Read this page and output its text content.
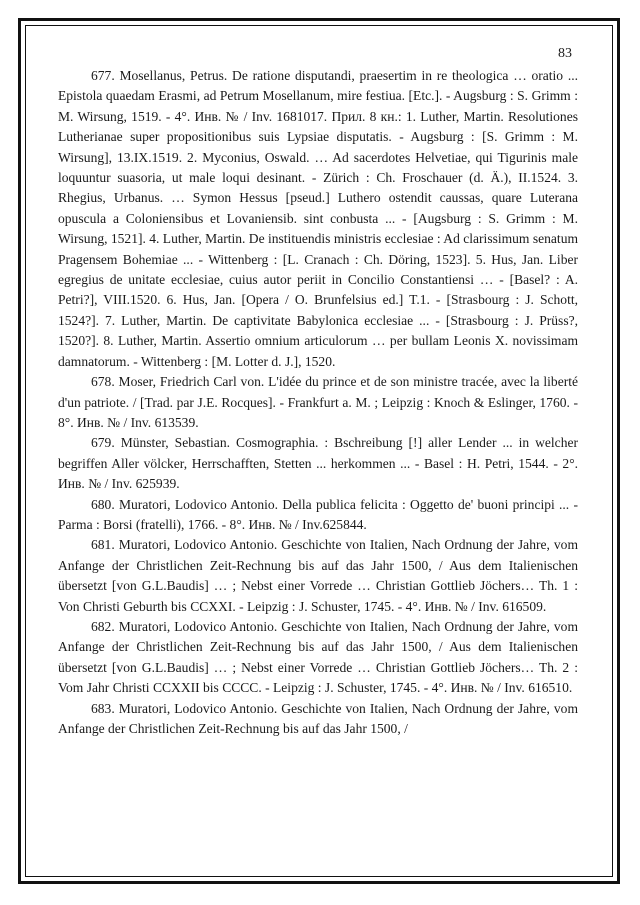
83

677. Mosellanus, Petrus. De ratione disputandi, praesertim in re theologica … oratio ... Epistola quaedam Erasmi, ad Petrum Mosellanum, mire festiua. [Etc.]. - Augsburg : S. Grimm : M. Wirsung, 1519. - 4°. Инв. № / Inv. 1681017. Прил. 8 кн.: 1. Luther, Martin. Resolutiones Lutherianae super propositionibus suis Lypsiae disputatis. - Augsburg : [S. Grimm : M. Wirsung], 13.IX.1519. 2. Myconius, Oswald. … Ad sacerdotes Helvetiae, qui Tigurinis male loquuntur suasoria, ut male loqui desinant. - Zürich : Ch. Froschauer (d. Ä.), II.1524. 3. Rhegius, Urbanus. … Symon Hessus [pseud.] Luthero ostendit caussas, quare Luterana opuscula a Coloniensibus et Lovaniensib. sint conbusta ... - [Augsburg : S. Grimm : M. Wirsung, 1521]. 4. Luther, Martin. De instituendis ministris ecclesiae : Ad clarissimum senatum Pragensem Bohemiae ... - Wittenberg : [L. Cranach : Ch. Döring, 1523]. 5. Hus, Jan. Liber egregius de unitate ecclesiae, cuius autor periit in Concilio Constantiensi … - [Basel? : A. Petri?], VIII.1520. 6. Hus, Jan. [Opera / O. Brunfelsius ed.] T.1. - [Strasbourg : J. Schott, 1524?]. 7. Luther, Martin. De captivitate Babylonica ecclesiae ... - [Strasbourg : J. Prüss?, 1520?]. 8. Luther, Martin. Assertio omnium articulorum … per bullam Leonis X. novissimam damnatorum. - Wittenberg : [M. Lotter d. J.], 1520.

678. Moser, Friedrich Carl von. L'idée du prince et de son ministre tracée, avec la liberté d'un patriote. / [Trad. par J.E. Rocques]. - Frankfurt a. M. ; Leipzig : Knoch & Eslinger, 1760. - 8°. Инв. № / Inv. 613539.

679. Münster, Sebastian. Cosmographia. : Bschreibung [!] aller Lender ... in welcher begriffen Aller völcker, Herrschafften, Stetten ... herkommen ... - Basel : H. Petri, 1544. - 2°. Инв. № / Inv. 625939.

680. Muratori, Lodovico Antonio. Della publica felicita : Oggetto de' buoni principi ... - Parma : Borsi (fratelli), 1766. - 8°. Инв. № / Inv.625844.

681. Muratori, Lodovico Antonio. Geschichte von Italien, Nach Ordnung der Jahre, vom Anfange der Christlichen Zeit-Rechnung bis auf das Jahr 1500, / Aus dem Italienischen übersetzt [von G.L.Baudis] … ; Nebst einer Vorrede … Christian Gottlieb Jöchers… Th. 1 : Von Christi Geburth bis CCXXI. - Leipzig : J. Schuster, 1745. - 4°. Инв. № / Inv. 616509.

682. Muratori, Lodovico Antonio. Geschichte von Italien, Nach Ordnung der Jahre, vom Anfange der Christlichen Zeit-Rechnung bis auf das Jahr 1500, / Aus dem Italienischen übersetzt [von G.L.Baudis] … ; Nebst einer Vorrede … Christian Gottlieb Jöchers… Th. 2 : Vom Jahr Christi CCXXII bis CCCC. - Leipzig : J. Schuster, 1745. - 4°. Инв. № / Inv. 616510.

683. Muratori, Lodovico Antonio. Geschichte von Italien, Nach Ordnung der Jahre, vom Anfange der Christlichen Zeit-Rechnung bis auf das Jahr 1500, /
